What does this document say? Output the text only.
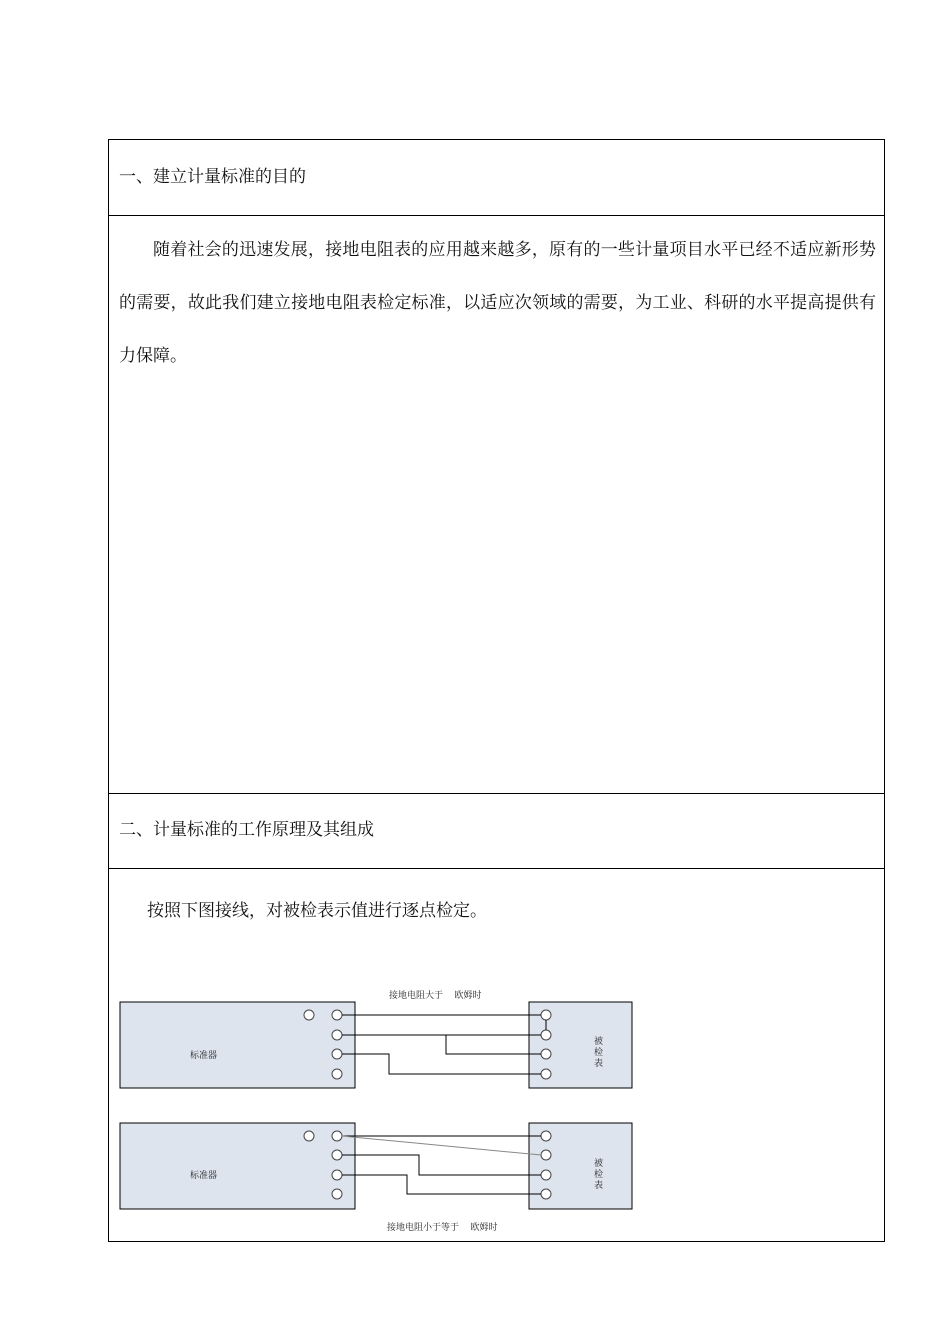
一、建立计量标准的目的
随着社会的迅速发展，接地电阻表的应用越来越多，原有的一些计量项目水平已经不适应新形势的需要，故此我们建立接地电阻表检定标准，以适应次领域的需要，为工业、科研的水平提高提供有力保障。
二、计量标准的工作原理及其组成
按照下图接线，对被检表示值进行逐点检定。
接地电阻大于    欧姆时
标准器
被
检
表
标准器
被
检
表
接地电阻小于等于    欧姆时
